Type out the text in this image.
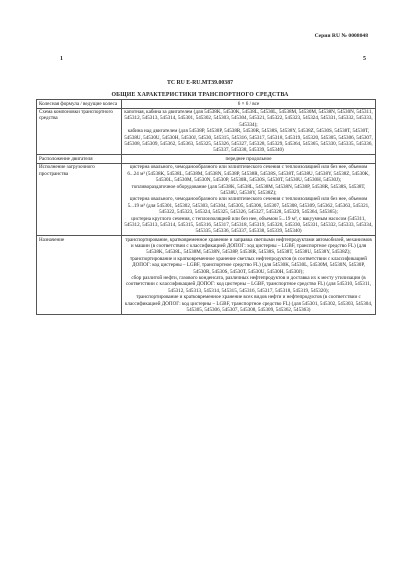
Серия RU № 0008048
1	5
TC RU E-RU.MT39.00387
ОБЩИЕ ХАРАКТЕРИСТИКИ ТРАНСПОРТНОГО СРЕДСТВА
Колесная формула / ведущие колеса	6 × 6 / все

Схема компоновки транспортного средства	капотная, кабина за двигателем (для 54538K, 54530K, 54538L, 54530L, 54538M, 54530M, 54538N, 54530N, 545311, 545312, 545313, 545314, 545301, 545302, 545303, 545304, 545321, 545322, 545323, 545324, 545331, 545332, 545333, 545334);

кабина над двигателем (для 54538P, 54530P, 54538R, 54530R, 54538S, 54538Y, 54538Z, 54530S, 54538T, 54530T, 54538U, 54530U, 54530H, 54530J, 54530, 545315, 545316, 545317, 545318, 545319, 545320, 545305, 545306, 545307, 545308, 545309, 545362, 545363, 545325, 545326, 545327, 545328, 545329, 545364, 545365, 545330, 545335, 545336, 545337, 545338, 545339, 545340)

Расположение двигателя	переднее продольное

Исполнение загрузочного пространства	цистерна овального, чемоданообразного или эллиптического сечения с теплоизоляцией или без нее, объемом 6...24 м³ (54538K, 54538L, 54538M, 54538N, 54538P, 54538R, 54538S, 54538T, 54538U, 54538Y, 54538Z, 54530K, 54530L, 54530M, 54530N, 54530P, 54530R, 54530S, 54530T, 54530U, 54530H, 54530J);

топливораздаточное оборудование (для 54538K, 54538L, 54538M, 54538N, 54538P, 54538R, 54538S, 54538T, 54538U, 54538Y, 54538Z);

цистерна овального, чемоданообразного или эллиптического сечения с теплоизоляцией или без нее, объемом 5...19 м³ (для 545301, 545302, 545303, 545304, 545305, 545306, 545307, 545308, 545309, 545362, 545363, 545321, 545322, 545323, 545324, 545325, 545326, 545327, 545328, 545329, 545364, 545365);

цистерна круглого сечения, с теплоизоляцией или без нее, объемом 5...19 м³, с вакуумным насосом (545311, 545312, 545313, 545314, 545315, 545316, 545317, 545318, 545319, 545320, 545330, 545331, 545332, 545333, 545334, 545335, 545336, 545337, 545338, 545339, 545340)

Назначение	транспортирование, кратковременное хранение и заправка светлыми нефтепродуктами автомобилей, механизмов и машин (в соответствии с классификацией ДОПОГ: ход цистерны – LGBF, транспортное средство FL) (для 54538K, 54538L, 54538M, 54538N, 54538P, 54538R, 54538S, 54538T, 54538U, 54538Y, 54538Z);

транспортирование и кратковременное хранение светлых нефтепродуктов (в соответствии с классификацией ДОПОГ: код цистерны – LGBF, транспортное средство FL) (для 54530K, 54530L, 54530M, 54530N, 54530P, 54530R, 54530S, 54530T, 54530U, 54530H, 54530J);

сбор разлитой нефти, газового конденсата, различных нефтепродуктов и доставка их к месту утилизации (в соответствии с классификацией ДОПОГ: код цистерны – LGBF, транспортное средство FL) (для 545310, 545311, 545312, 545313, 545314, 545315, 545316, 545317, 545318, 545319, 545320);

транспортирование и кратковременное хранение всех видов нефти и нефтепродуктов (в соответствии с классификацией ДОПОГ: код цистерны – LGBF, транспортное средство FL) (для 545301, 545302, 545303, 545304, 545305, 545306, 545307, 545308, 545309, 545362, 545363)
